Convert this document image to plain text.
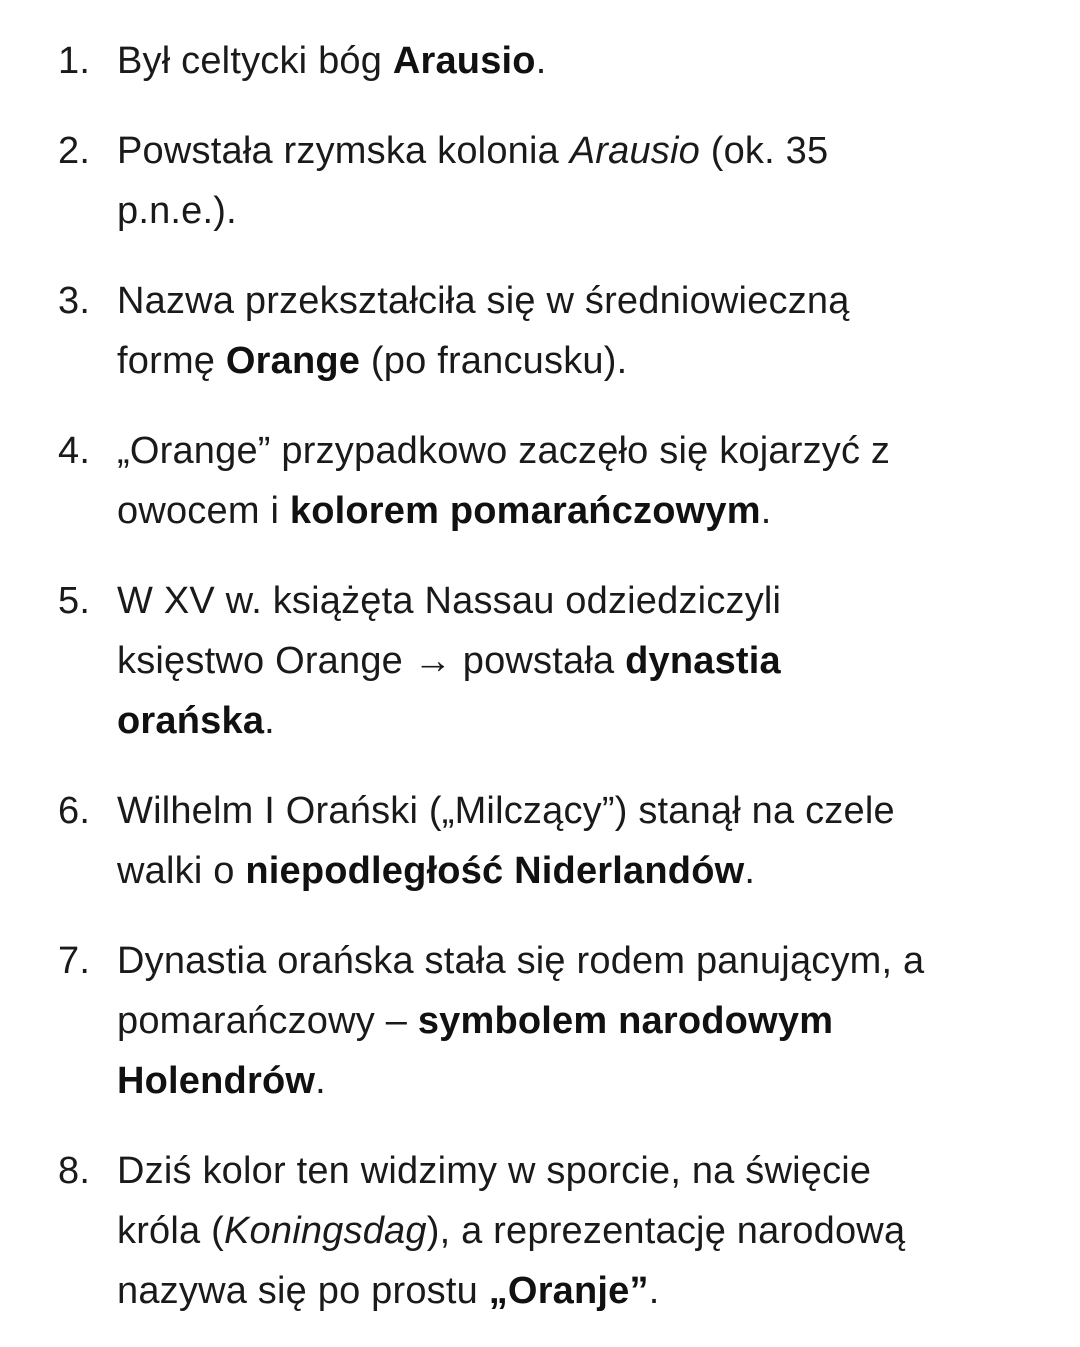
1. Był celtycki bóg Arausio.
2. Powstała rzymska kolonia Arausio (ok. 35
p.n.e.).
3. Nazwa przekształciła się w średniowieczną
formę Orange (po francusku).
4. „Orange” przypadkowo zaczęło się kojarzyć z
owocem i kolorem pomarańczowym.
5. W XV w. książęta Nassau odziedziczyli
księstwo Orange → powstała dynastia
orańska.
6. Wilhelm I Orański („Milczący”) stanął na czele
walki o niepodległość Niderlandów.
7. Dynastia orańska stała się rodem panującym, a
pomarańczowy – symbolem narodowym
Holendrów.
8. Dziś kolor ten widzimy w sporcie, na święcie
króla (Koningsdag), a reprezentację narodową
nazywa się po prostu „Oranje”.
